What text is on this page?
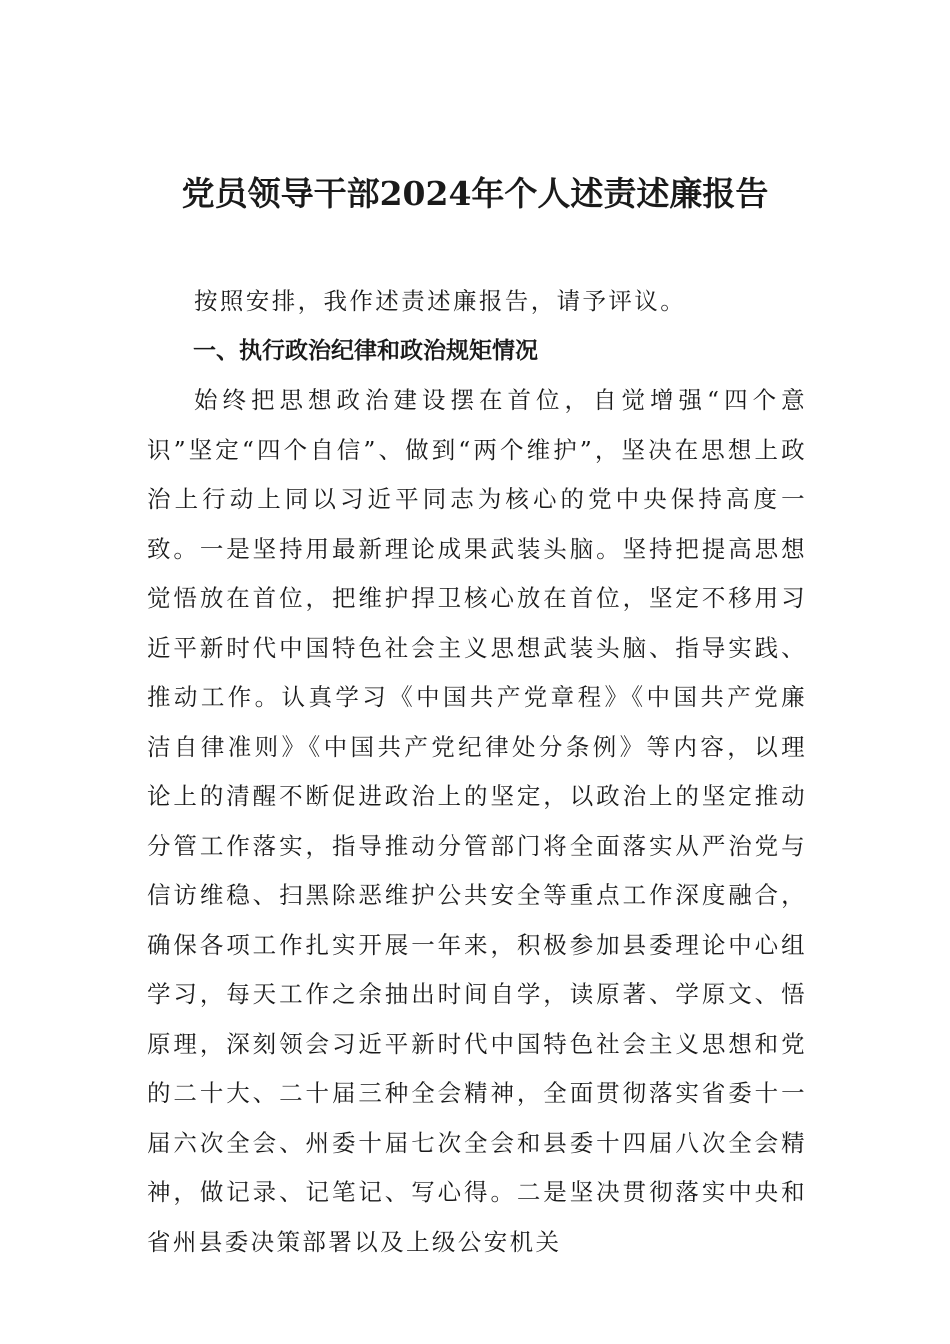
党员领导干部2024年个人述责述廉报告

按照安排，我作述责述廉报告，请予评议。

一、执行政治纪律和政治规矩情况

始终把思想政治建设摆在首位，自觉增强“四个意识”坚定“四个自信”、做到“两个维护”，坚决在思想上政治上行动上同以习近平同志为核心的党中央保持高度一致。一是坚持用最新理论成果武装头脑。坚持把提高思想觉悟放在首位，把维护捍卫核心放在首位，坚定不移用习近平新时代中国特色社会主义思想武装头脑、指导实践、推动工作。认真学习《中国共产党章程》《中国共产党廉洁自律准则》《中国共产党纪律处分条例》等内容，以理论上的清醒不断促进政治上的坚定，以政治上的坚定推动分管工作落实，指导推动分管部门将全面落实从严治党与信访维稳、扫黑除恶维护公共安全等重点工作深度融合，确保各项工作扎实开展一年来，积极参加县委理论中心组学习，每天工作之余抽出时间自学，读原著、学原文、悟原理，深刻领会习近平新时代中国特色社会主义思想和党的二十大、二十届三种全会精神，全面贯彻落实省委十一届六次全会、州委十届七次全会和县委十四届八次全会精神，做记录、记笔记、写心得。二是坚决贯彻落实中央和省州县委决策部署以及上级公安机关
